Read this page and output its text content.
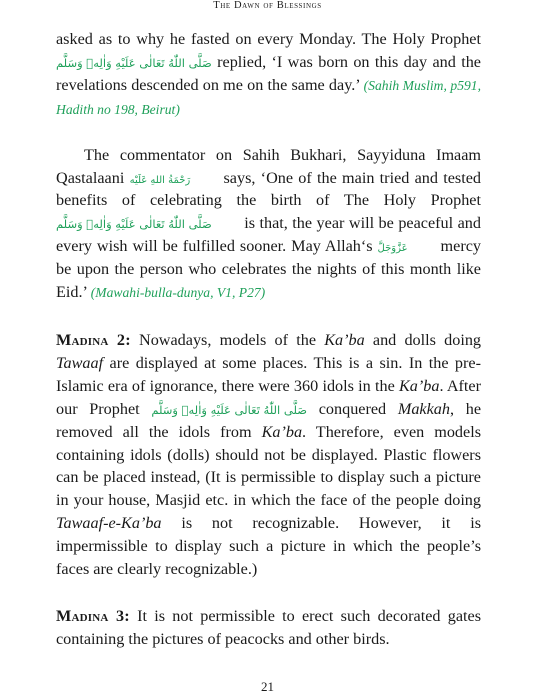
The Dawn of Blessings

asked as to why he fasted on every Monday. The Holy Prophet صَلَّى اللّٰهُ تَعَالٰى عَلَيْهِ وَاٰلِهٖ وَسَلَّم replied, ‘I was born on this day and the revelations descended on me on the same day.’ (Sahih Muslim, p591, Hadith no 198, Beirut)

The commentator on Sahih Bukhari, Sayyiduna Imaam Qastalaani رَحْمَةُ اللهِ عَلَيْه says, ‘One of the main tried and tested benefits of celebrating the birth of The Holy Prophet صَلَّى اللّٰهُ تَعَالٰى عَلَيْهِ وَاٰلِهٖ وَسَلَّم is that, the year will be peaceful and every wish will be fulfilled sooner. May Allah‘s عَزَّوَجَلَّ mercy be upon the person who celebrates the nights of this month like Eid.’ (Mawahi-bulla-dunya, V1, P27)

Madina 2: Nowadays, models of the Ka’ba and dolls doing Tawaaf are displayed at some places. This is a sin. In the pre-Islamic era of ignorance, there were 360 idols in the Ka’ba. After our Prophet صَلَّى اللّٰهُ تَعَالٰى عَلَيْهِ وَاٰلِهٖ وَسَلَّم conquered Makkah, he removed all the idols from Ka’ba. Therefore, even models containing idols (dolls) should not be displayed. Plastic flowers can be placed instead, (It is permissible to display such a picture in your house, Masjid etc. in which the face of the people doing Tawaaf-e-Ka’ba is not recognizable. However, it is impermissible to display such a picture in which the people’s faces are clearly recognizable.)

Madina 3: It is not permissible to erect such decorated gates containing the pictures of peacocks and other birds.

21
